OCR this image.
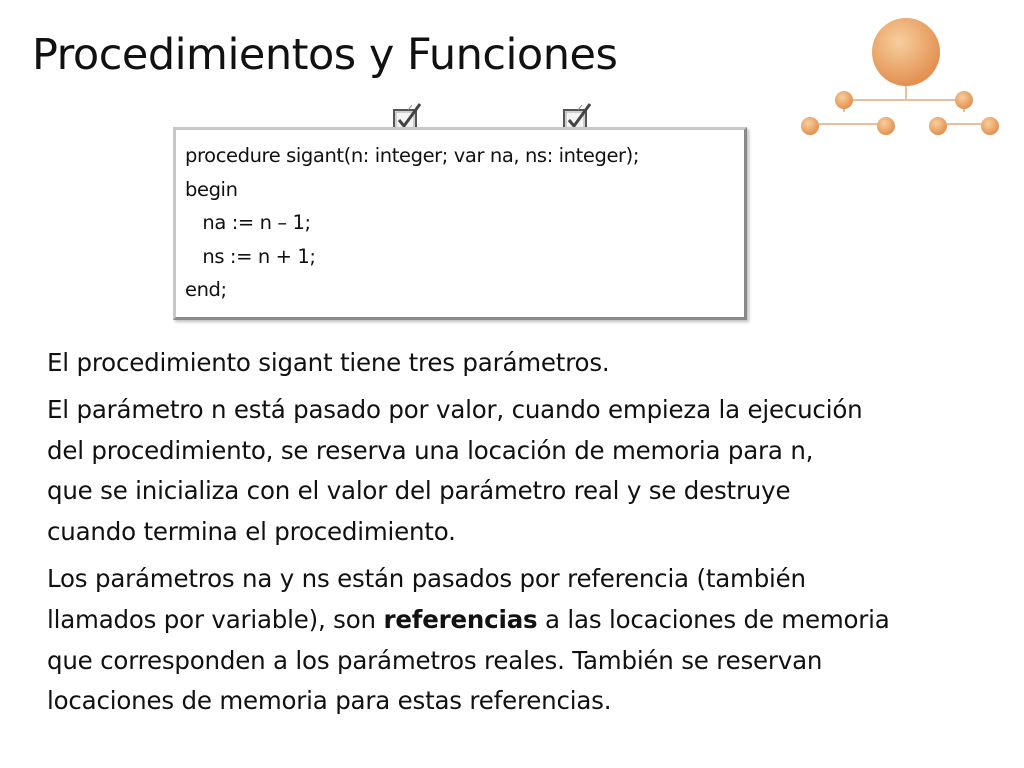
Procedimientos y Funciones
procedure sigant(n: integer; var na, ns: integer);
begin
na := n – 1;
ns := n + 1;
end;

El procedimiento sigant tiene tres parámetros.

El parámetro n está pasado por valor, cuando empieza la ejecución
del procedimiento, se reserva una locación de memoria para n,
que se inicializa con el valor del parámetro real y se destruye
cuando termina el procedimiento.

Los parámetros na y ns están pasados por referencia (también
llamados por variable), son referencias a las locaciones de memoria
que corresponden a los parámetros reales. También se reservan
locaciones de memoria para estas referencias.
